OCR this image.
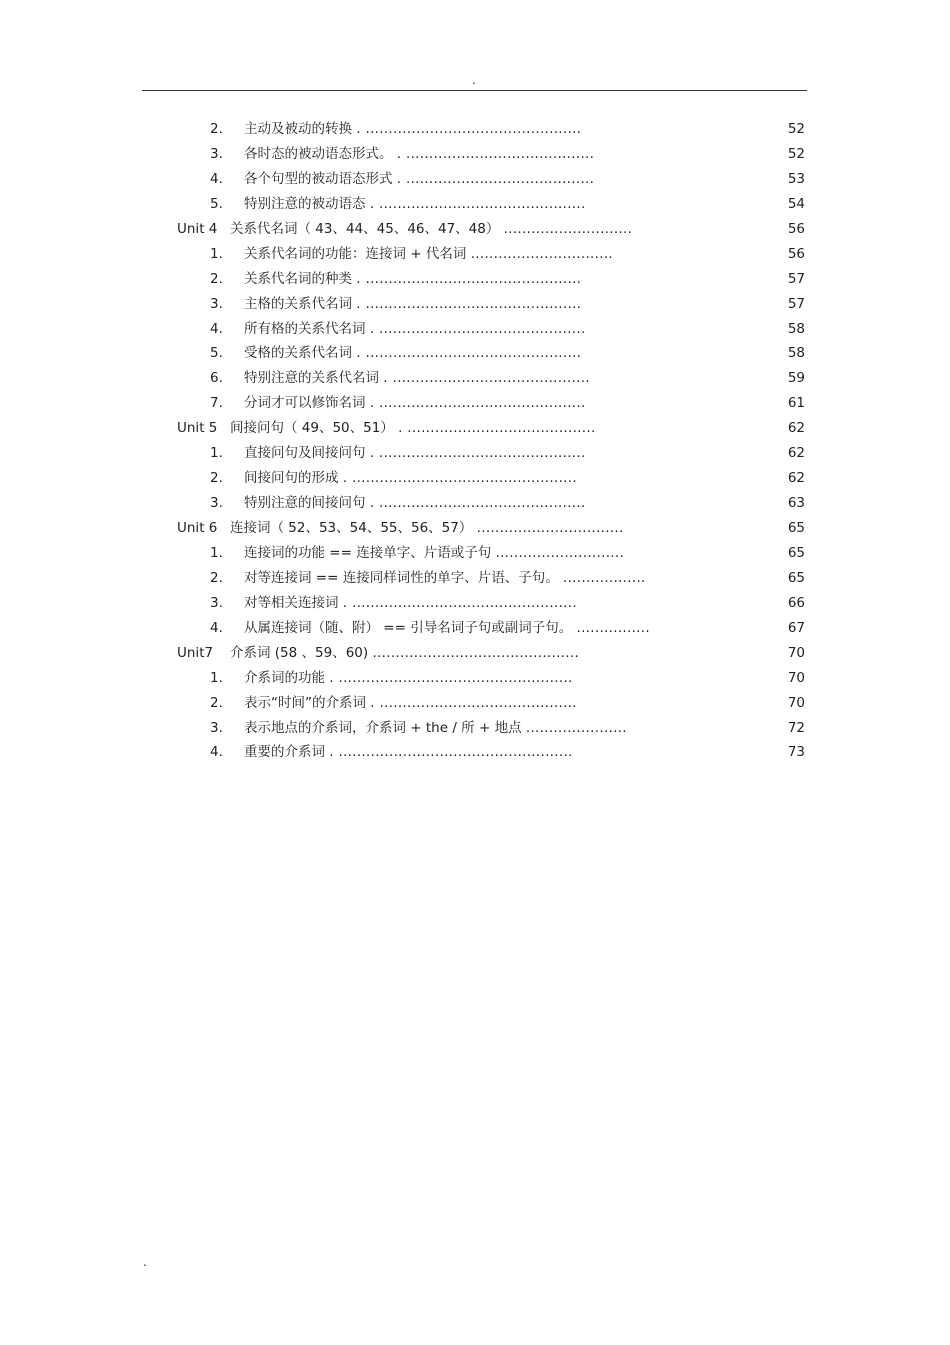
.
2. 主动及被动的转换 . ...............................................	52
3. 各时态的被动语态形式。 . .........................................	52
4. 各个句型的被动语态形式 . .........................................	53
5. 特别注意的被动语态 . .............................................	54
Unit 4 关系代名词（ 43、44、45、46、47、48） ............................	56
1. 关系代名词的功能：连接词 + 代名词 ...............................	56
2. 关系代名词的种类 . ...............................................	57
3. 主格的关系代名词 . ...............................................	57
4. 所有格的关系代名词 . .............................................	58
5. 受格的关系代名词 . ...............................................	58
6. 特别注意的关系代名词 . ...........................................	59
7. 分词才可以修饰名词 . .............................................	61
Unit 5 间接问句（ 49、50、51） . .........................................	62
1. 直接问句及间接问句 . .............................................	62
2. 间接问句的形成 . .................................................	62
3. 特别注意的间接问句 . .............................................	63
Unit 6 连接词（ 52、53、54、55、56、57） ................................	65
1. 连接词的功能 == 连接单字、片语或子句 ............................	65
2. 对等连接词 == 连接同样词性的单字、片语、子句。 ..................	65
3. 对等相关连接词 . .................................................	66
4. 从属连接词（随、附） == 引导名词子句或副词子句。 ................	67
Unit7 介系词 (58 、59、60) .............................................	70
1. 介系词的功能 . ...................................................	70
2. 表示“时间”的介系词 . ...........................................	70
3. 表示地点的介系词，介系词 + the / 所 + 地点 ......................	72
4. 重要的介系词 . ...................................................	73
.
